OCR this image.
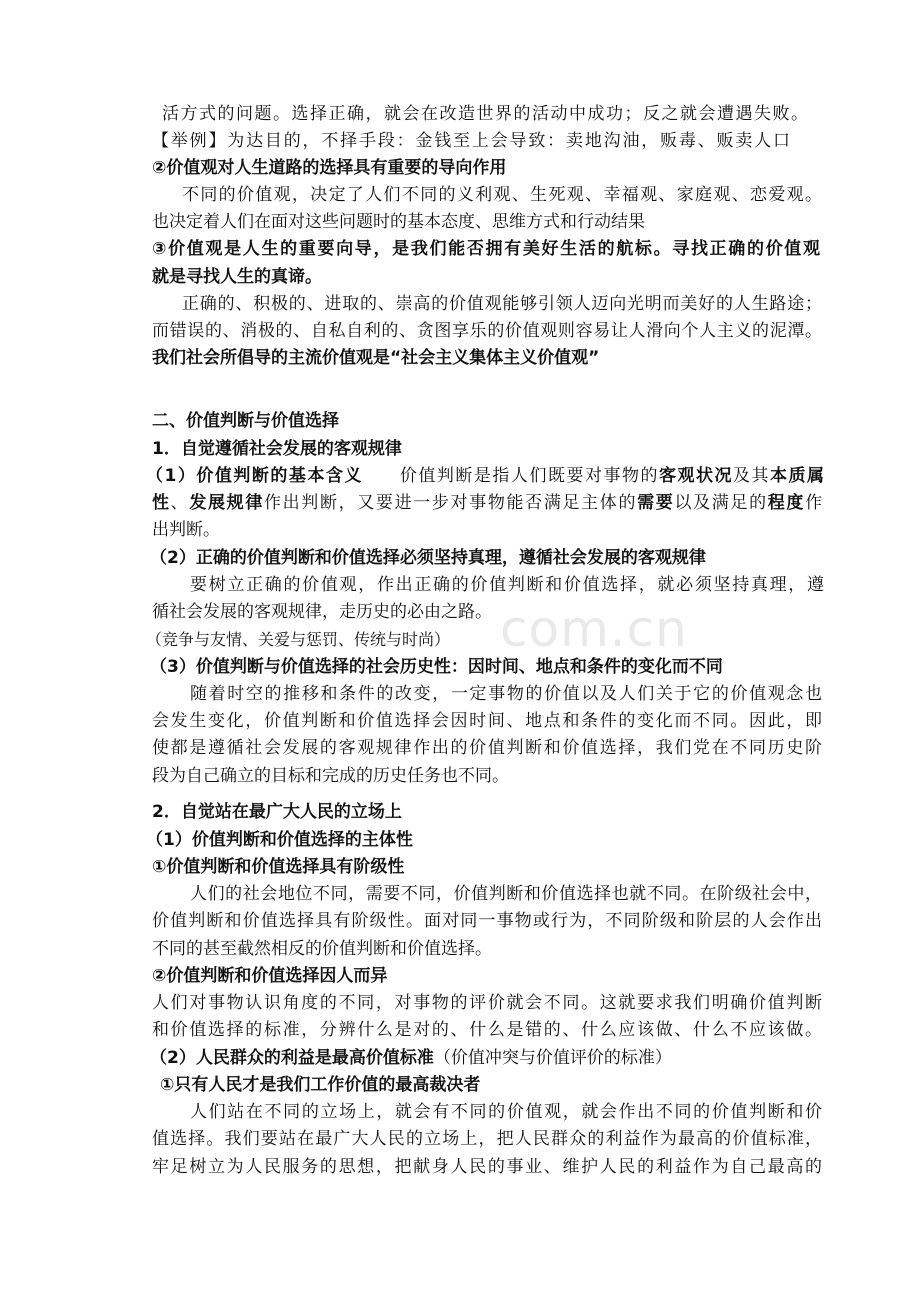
com.cn
活方式的问题。选择正确，就会在改造世界的活动中成功；反之就会遭遇失败。
【举例】为达目的，不择手段：金钱至上会导致：卖地沟油，贩毒、贩卖人口
②价值观对人生道路的选择具有重要的导向作用
不同的价值观，决定了人们不同的义利观、生死观、幸福观、家庭观、恋爱观。
也决定着人们在面对这些问题时的基本态度、思维方式和行动结果
③价值观是人生的重要向导，是我们能否拥有美好生活的航标。寻找正确的价值观
就是寻找人生的真谛。
正确的、积极的、进取的、崇高的价值观能够引领人迈向光明而美好的人生路途；
而错误的、消极的、自私自利的、贪图享乐的价值观则容易让人滑向个人主义的泥潭。
我们社会所倡导的主流价值观是“社会主义集体主义价值观”
二、价值判断与价值选择
1．自觉遵循社会发展的客观规律
（1）价值判断的基本含义　　 价值判断是指人们既要对事物的客观状况及其本质属
性、发展规律作出判断，又要进一步对事物能否满足主体的需要以及满足的程度作
出判断。
（2）正确的价值判断和价值选择必须坚持真理，遵循社会发展的客观规律
要树立正确的价值观，作出正确的价值判断和价值选择，就必须坚持真理，遵
循社会发展的客观规律，走历史的必由之路。
（竞争与友情、关爱与惩罚、传统与时尚）
（3）价值判断与价值选择的社会历史性：因时间、地点和条件的变化而不同
随着时空的推移和条件的改变，一定事物的价值以及人们关于它的价值观念也
会发生变化，价值判断和价值选择会因时间、地点和条件的变化而不同。因此，即
使都是遵循社会发展的客观规律作出的价值判断和价值选择，我们党在不同历史阶
段为自己确立的目标和完成的历史任务也不同。
2．自觉站在最广大人民的立场上
（1）价值判断和价值选择的主体性
①价值判断和价值选择具有阶级性
人们的社会地位不同，需要不同，价值判断和价值选择也就不同。在阶级社会中，
价值判断和价值选择具有阶级性。面对同一事物或行为，不同阶级和阶层的人会作出
不同的甚至截然相反的价值判断和价值选择。
②价值判断和价值选择因人而异
人们对事物认识角度的不同，对事物的评价就会不同。这就要求我们明确价值判断
和价值选择的标准，分辨什么是对的、什么是错的、什么应该做、什么不应该做。
（2）人民群众的利益是最高价值标准（价值冲突与价值评价的标准）
①只有人民才是我们工作价值的最高裁决者
人们站在不同的立场上，就会有不同的价值观，就会作出不同的价值判断和价
值选择。我们要站在最广大人民的立场上，把人民群众的利益作为最高的价值标准，
牢足树立为人民服务的思想，把献身人民的事业、维护人民的利益作为自己最高的
